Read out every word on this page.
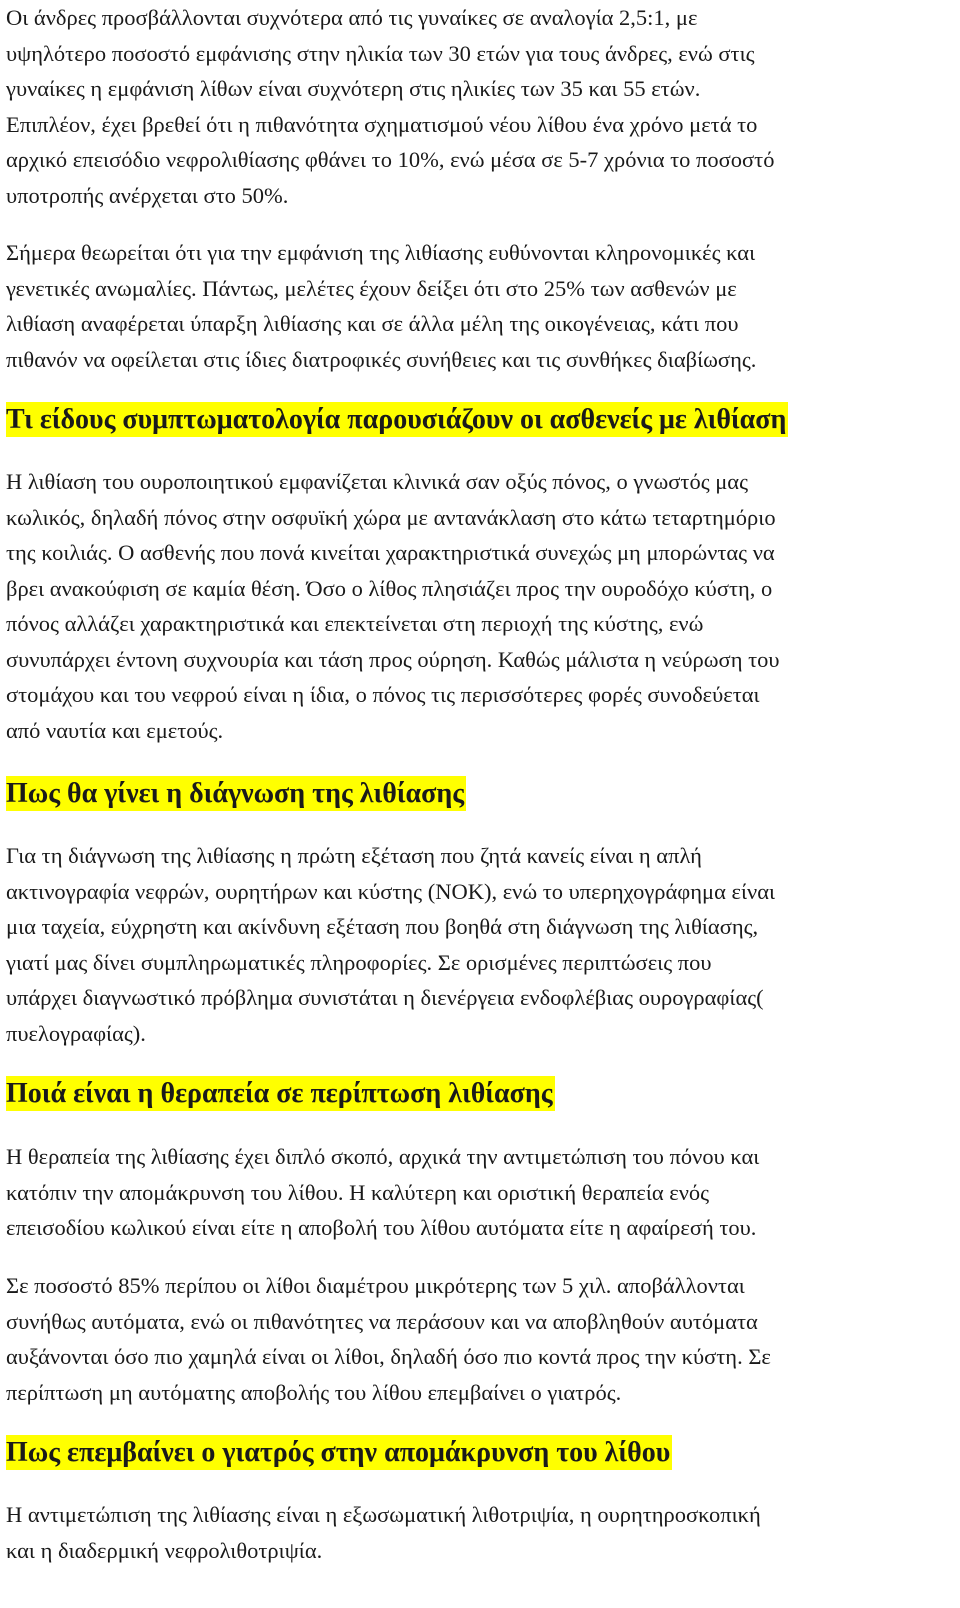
Οι άνδρες προσβάλλονται συχνότερα από τις γυναίκες σε αναλογία 2,5:1, με
υψηλότερο ποσοστό εμφάνισης στην ηλικία των 30 ετών για τους άνδρες, ενώ στις
γυναίκες η εμφάνιση λίθων είναι συχνότερη στις ηλικίες των 35 και 55 ετών.
Επιπλέον, έχει βρεθεί ότι η πιθανότητα σχηματισμού νέου λίθου ένα χρόνο μετά το
αρχικό επεισόδιο νεφρολιθίασης φθάνει το 10%, ενώ μέσα σε 5-7 χρόνια το ποσοστό
υποτροπής ανέρχεται στο 50%.

Σήμερα θεωρείται ότι για την εμφάνιση της λιθίασης ευθύνονται κληρονομικές και
γενετικές ανωμαλίες. Πάντως, μελέτες έχουν δείξει ότι στο 25% των ασθενών με
λιθίαση αναφέρεται ύπαρξη λιθίασης και σε άλλα μέλη της οικογένειας, κάτι που
πιθανόν να οφείλεται στις ίδιες διατροφικές συνήθειες και τις συνθήκες διαβίωσης.

Τι είδους συμπτωματολογία παρουσιάζουν οι ασθενείς με λιθίαση

Η λιθίαση του ουροποιητικού εμφανίζεται κλινικά σαν οξύς πόνος, ο γνωστός μας
κωλικός, δηλαδή πόνος στην οσφυϊκή χώρα με αντανάκλαση στο κάτω τεταρτημόριο
της κοιλιάς. Ο ασθενής που πονά κινείται χαρακτηριστικά συνεχώς μη μπορώντας να
βρει ανακούφιση σε καμία θέση. Όσο ο λίθος πλησιάζει προς την ουροδόχο κύστη, ο
πόνος αλλάζει χαρακτηριστικά και επεκτείνεται στη περιοχή της κύστης, ενώ
συνυπάρχει έντονη συχνουρία και τάση προς ούρηση. Καθώς μάλιστα η νεύρωση του
στομάχου και του νεφρού είναι η ίδια, ο πόνος τις περισσότερες φορές συνοδεύεται
από ναυτία και εμετούς.

Πως θα γίνει η διάγνωση της λιθίασης

Για τη διάγνωση της λιθίασης η πρώτη εξέταση που ζητά κανείς είναι η απλή
ακτινογραφία νεφρών, ουρητήρων και κύστης (ΝΟΚ), ενώ το υπερηχογράφημα είναι
μια ταχεία, εύχρηστη και ακίνδυνη εξέταση που βοηθά στη διάγνωση της λιθίασης,
γιατί μας δίνει συμπληρωματικές πληροφορίες. Σε ορισμένες περιπτώσεις που
υπάρχει διαγνωστικό πρόβλημα συνιστάται η διενέργεια ενδοφλέβιας ουρογραφίας(
πυελογραφίας).

Ποιά είναι η θεραπεία σε περίπτωση λιθίασης

Η θεραπεία της λιθίασης έχει διπλό σκοπό, αρχικά την αντιμετώπιση του πόνου και
κατόπιν την απομάκρυνση του λίθου. Η καλύτερη και οριστική θεραπεία ενός
επεισοδίου κωλικού είναι είτε η αποβολή του λίθου αυτόματα είτε η αφαίρεσή του.

Σε ποσοστό 85% περίπου οι λίθοι διαμέτρου μικρότερης των 5 χιλ. αποβάλλονται
συνήθως αυτόματα, ενώ οι πιθανότητες να περάσουν και να αποβληθούν αυτόματα
αυξάνονται όσο πιο χαμηλά είναι οι λίθοι, δηλαδή όσο πιο κοντά προς την κύστη. Σε
περίπτωση μη αυτόματης αποβολής του λίθου επεμβαίνει ο γιατρός.

Πως επεμβαίνει ο γιατρός στην απομάκρυνση του λίθου

Η αντιμετώπιση της λιθίασης είναι η εξωσωματική λιθοτριψία, η ουρητηροσκοπική
και η διαδερμική νεφρολιθοτριψία.
